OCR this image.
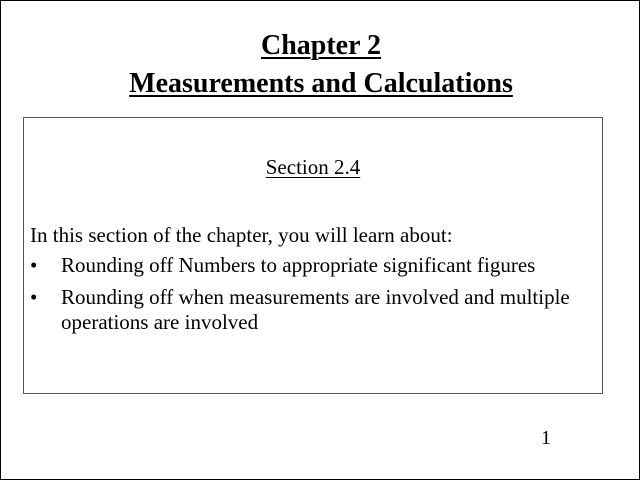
Chapter 2
Measurements and Calculations
Section 2.4
In this section of the chapter, you will learn about:
• Rounding off Numbers to appropriate significant figures
• Rounding off when measurements are involved and multiple operations are involved
1
